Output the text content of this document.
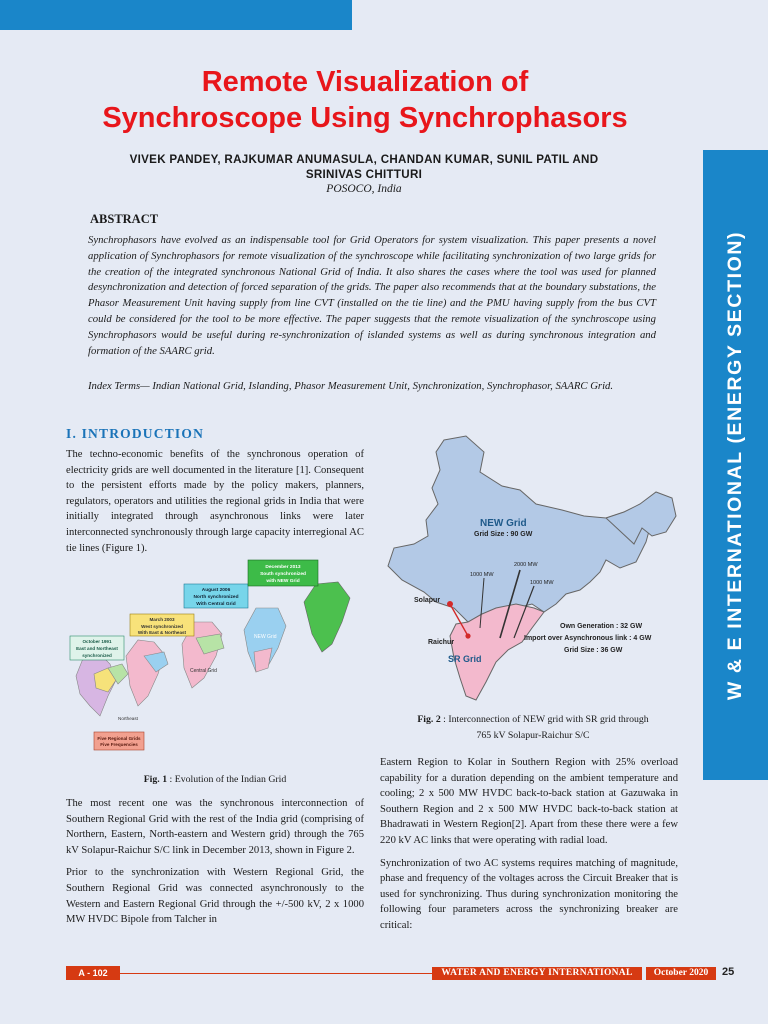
W & E INTERNATIONAL (ENERGY SECTION)
Remote Visualization of
Synchroscope Using Synchrophasors
VIVEK PANDEY, RAJKUMAR ANUMASULA, CHANDAN KUMAR, SUNIL PATIL AND
SRINIVAS CHITTURI
POSOCO, India
ABSTRACT
Synchrophasors have evolved as an indispensable tool for Grid Operators for system visualization. This paper presents a novel application of Synchrophasors for remote visualization of the synchroscope while facilitating synchronization of two large grids for the creation of the integrated synchronous National Grid of India. It also shares the cases where the tool was used for planned desynchronization and detection of forced separation of the grids. The paper also recommends that at the boundary substations, the Phasor Measurement Unit having supply from line CVT (installed on the tie line) and the PMU having supply from the bus CVT could be considered for the tool to be more effective. The paper suggests that the remote visualization of the synchroscope using Synchrophasors would be useful during re-synchronization of islanded systems as well as during synchronous integration and formation of the SAARC grid.
Index Terms— Indian National Grid, Islanding, Phasor Measurement Unit, Synchronization, Synchrophasor, SAARC Grid.
I. INTRODUCTION

The techno-economic benefits of the synchronous operation of electricity grids are well documented in the literature [1]. Consequent to the persistent efforts made by the policy makers, planners, regulators, operators and utilities the regional grids in India that were initially integrated through asynchronous links were later interconnected synchronously through large capacity interregional AC tie lines (Figure 1).

Central Grid
NEW Grid
October 1991
East and Northeast
synchronized
March 2003
West synchronized
With East & Northeast
August 2006
North synchronized
With Central Grid
December 2013
South synchronized
with NEW Grid
Five Regional Grids
Five Frequencies
Northeast
Fig. 1 : Evolution of the Indian Grid

The most recent one was the synchronous interconnection of Southern Regional Grid with the rest of the India grid (comprising of Northern, Eastern, North-eastern and Western grid) through the 765 kV Solapur-Raichur S/C link in December 2013, shown in Figure 2.

Prior to the synchronization with Western Regional Grid, the Southern Regional Grid was connected asynchronously to the Western and Eastern Regional Grid through the +/-500 kV, 2 x 1000 MW HVDC Bipole from Talcher in

NEW Grid
Grid Size : 90 GW
2000 MW
1000 MW
1000 MW
Solapur
Raichur
SR Grid
Own Generation : 32 GW
Import over Asynchronous link : 4 GW
Grid Size : 36 GW
Fig. 2 : Interconnection of NEW grid with SR grid through
765 kV Solapur-Raichur S/C

Eastern Region to Kolar in Southern Region with 25% overload capability for a duration depending on the ambient temperature and cooling; 2 x 500 MW HVDC back-to-back station at Gazuwaka in Southern Region and 2 x 500 MW HVDC back-to-back station at Bhadrawati in Western Region[2]. Apart from these there were a few 220 kV AC links that were operating with radial load.

Synchronization of two AC systems requires matching of magnitude, phase and frequency of the voltages across the Circuit Breaker that is used for synchronizing. Thus during synchronization monitoring the following four parameters across the synchronizing breaker are critical:

A - 102	WATER AND ENERGY INTERNATIONAL	October 2020	25
